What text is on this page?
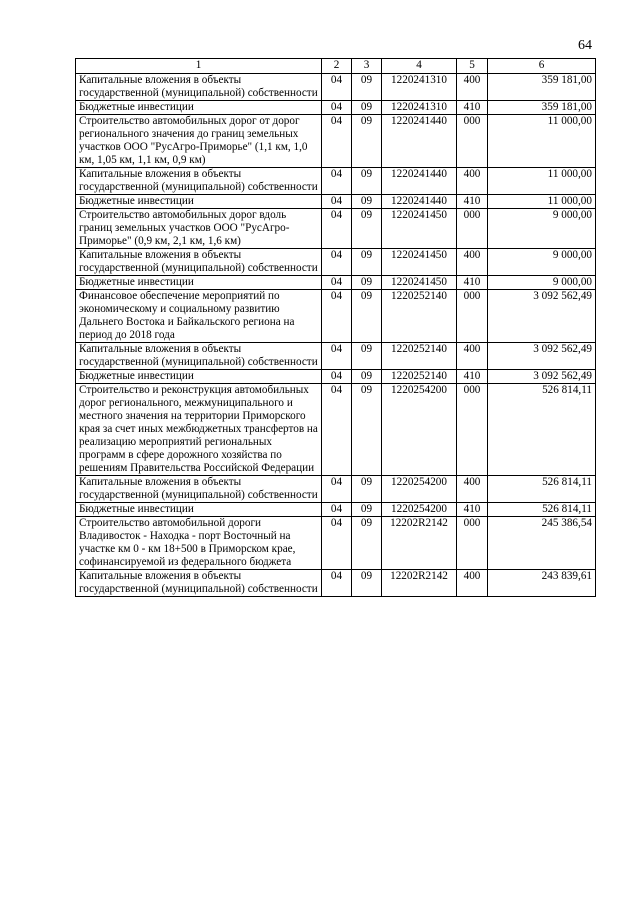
64
1	2	3	4	5	6
Капитальные вложения в объекты государственной (муниципальной) собственности	04	09	1220241310	400	359 181,00
Бюджетные инвестиции	04	09	1220241310	410	359 181,00
Строительство автомобильных дорог от дорог регионального значения до границ земельных участков ООО "РусАгро-Приморье" (1,1 км, 1,0 км, 1,05 км, 1,1 км, 0,9 км)	04	09	1220241440	000	11 000,00
Капитальные вложения в объекты государственной (муниципальной) собственности	04	09	1220241440	400	11 000,00
Бюджетные инвестиции	04	09	1220241440	410	11 000,00
Строительство автомобильных дорог вдоль границ земельных участков ООО "РусАгро-Приморье" (0,9 км, 2,1 км, 1,6 км)	04	09	1220241450	000	9 000,00
Капитальные вложения в объекты государственной (муниципальной) собственности	04	09	1220241450	400	9 000,00
Бюджетные инвестиции	04	09	1220241450	410	9 000,00
Финансовое обеспечение мероприятий по экономическому и социальному развитию Дальнего Востока и Байкальского региона на период до 2018 года	04	09	1220252140	000	3 092 562,49
Капитальные вложения в объекты государственной (муниципальной) собственности	04	09	1220252140	400	3 092 562,49
Бюджетные инвестиции	04	09	1220252140	410	3 092 562,49
Строительство и реконструкция автомобильных дорог регионального, межмуниципального и местного значения на территории Приморского края за счет иных межбюджетных трансфертов на реализацию мероприятий региональных программ в сфере дорожного хозяйства по решениям Правительства Российской Федерации	04	09	1220254200	000	526 814,11
Капитальные вложения в объекты государственной (муниципальной) собственности	04	09	1220254200	400	526 814,11
Бюджетные инвестиции	04	09	1220254200	410	526 814,11
Строительство автомобильной дороги Владивосток - Находка - порт Восточный на участке км 0 - км 18+500 в Приморском крае, софинансируемой из федерального бюджета	04	09	12202R2142	000	245 386,54
Капитальные вложения в объекты государственной (муниципальной) собственности	04	09	12202R2142	400	243 839,61
